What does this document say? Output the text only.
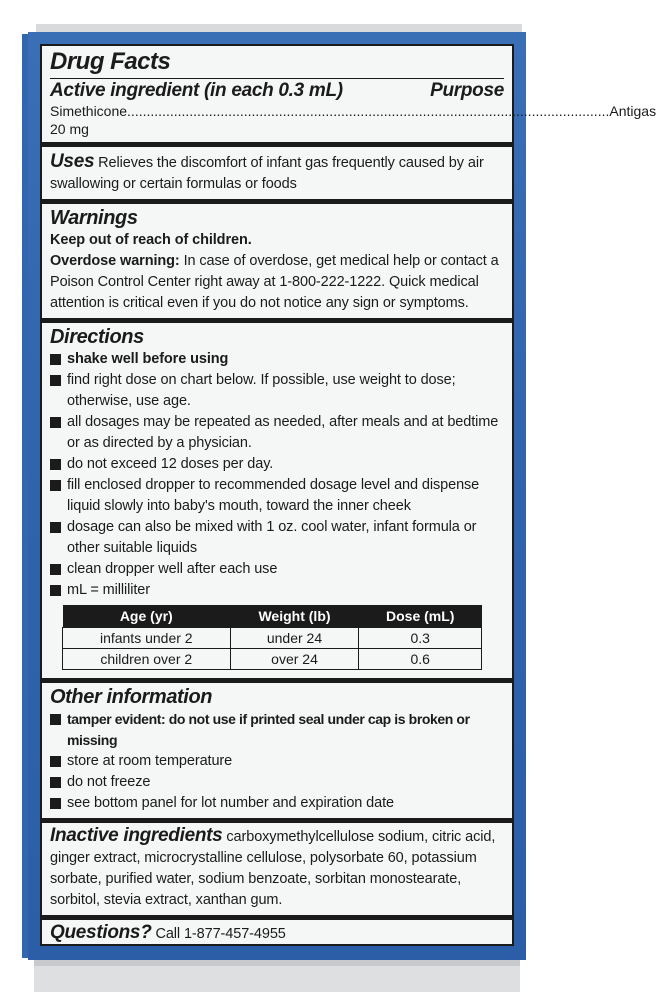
Drug Facts
Active ingredient (in each 0.3 mL)	Purpose
Simethicone 20 mg
............................................................................................................................ Antigas
Uses Relieves the discomfort of infant gas frequently caused by air swallowing or certain formulas or foods
Warnings
Keep out of reach of children.
Overdose warning: In case of overdose, get medical help or contact a Poison Control Center right away at 1-800-222-1222. Quick medical attention is critical even if you do not notice any sign or symptoms.
Directions
shake well before using
find right dose on chart below. If possible, use weight to dose; otherwise, use age.
all dosages may be repeated as needed, after meals and at bedtime or as directed by a physician.
do not exceed 12 doses per day.
fill enclosed dropper to recommended dosage level and dispense liquid slowly into baby's mouth, toward the inner cheek
dosage can also be mixed with 1 oz. cool water, infant formula or other suitable liquids
clean dropper well after each use
mL = milliliter
Age (yr)	Weight (lb)	Dose (mL)
infants under 2	under 24	0.3
children over 2	over 24	0.6
Other information
tamper evident: do not use if printed seal under cap is broken or missing
store at room temperature
do not freeze
see bottom panel for lot number and expiration date
Inactive ingredients carboxymethylcellulose sodium, citric acid, ginger extract, microcrystalline cellulose, polysorbate 60, potassium sorbate, purified water, sodium benzoate, sorbitan monostearate, sorbitol, stevia extract, xanthan gum.
Questions? Call 1-877-457-4955
